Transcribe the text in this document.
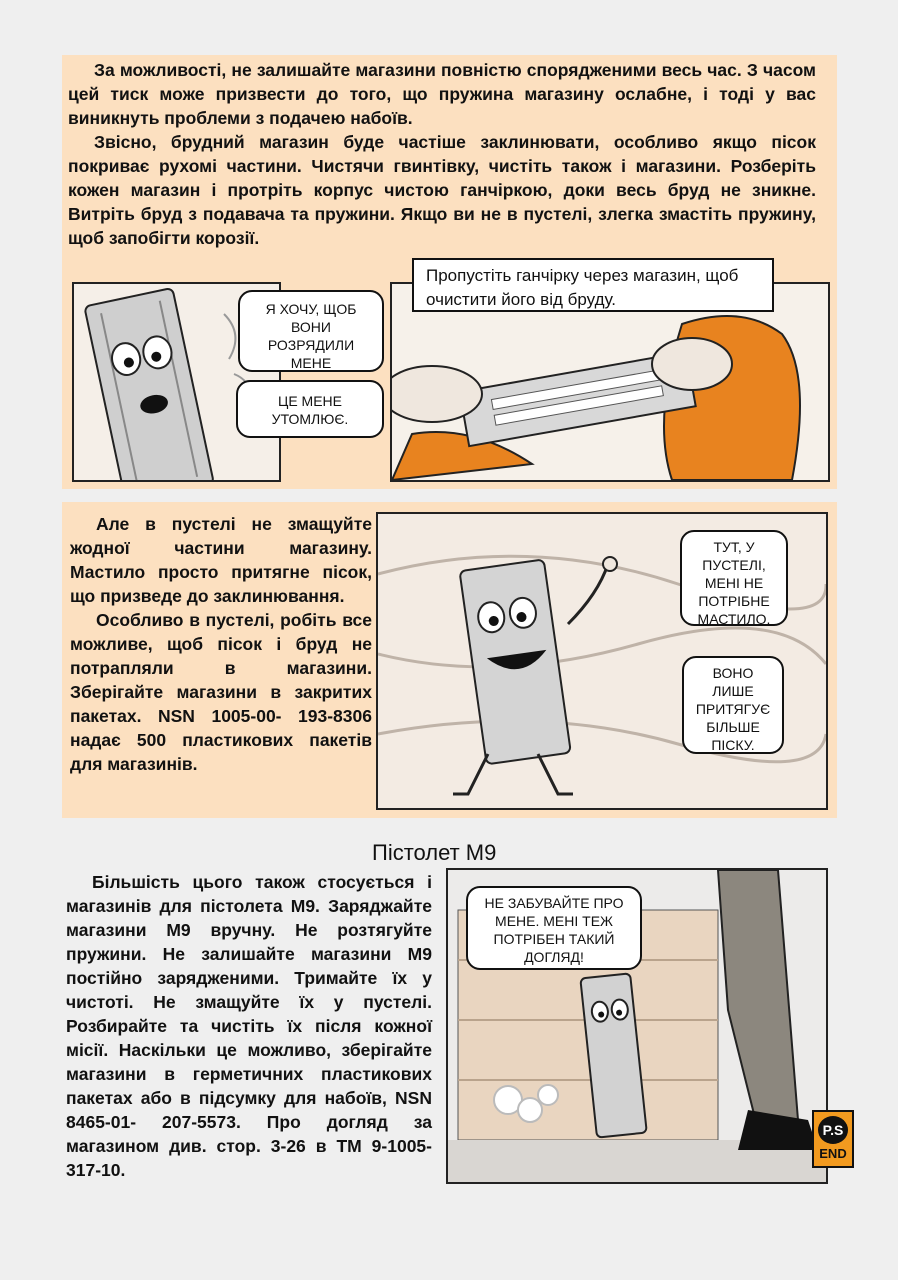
За можливості, не залишайте магазини повністю спорядженими весь час. З часом цей тиск може призвести до того, що пружина магазину ослабне, і тоді у вас виникнуть проблеми з подачею набоїв.

Звісно, брудний магазин буде частіше заклинювати, особливо якщо пісок покриває рухомі частини. Чистячи гвинтівку, чистіть також і магазини. Розберіть кожен магазин і протріть корпус чистою ганчіркою, доки весь бруд не зникне. Витріть бруд з подавача та пружини. Якщо ви не в пустелі, злегка змастіть пружину, щоб запобігти корозії.

Я ХОЧУ, ЩОБ ВОНИ РОЗРЯДИЛИ МЕНЕ
ЦЕ МЕНЕ УТОМЛЮЄ.
Пропустіть ганчірку через магазин, щоб очистити його від бруду.

Але в пустелі не змащуйте жодної частини магазину. Мастило просто притягне пісок, що призведе до заклинювання.

Особливо в пустелі, робіть все можливе, щоб пісок і бруд не потрапляли в магазини. Зберігайте магазини в закритих пакетах. NSN 1005-00- 193-8306 надає 500 пластикових пакетів для магазинів.

ТУТ, У ПУСТЕЛІ, МЕНІ НЕ ПОТРІБНЕ МАСТИЛО.
ВОНО ЛИШЕ ПРИТЯГУЄ БІЛЬШЕ ПІСКУ.
Пістолет М9

Більшість цього також стосується і магазинів для пістолета М9. Заряджайте магазини М9 вручну. Не розтягуйте пружини. Не залишайте магазини М9 постійно зарядженими. Тримайте їх у чистоті. Не змащуйте їх у пустелі. Розбирайте та чистіть їх після кожної місії. Наскільки це можливо, зберігайте магазини в герметичних пластикових пакетах або в підсумку для набоїв, NSN 8465-01- 207-5573. Про догляд за магазином див. стор. 3-26 в ТМ 9-1005-317-10.

НЕ ЗАБУВАЙТЕ ПРО МЕНЕ. МЕНІ ТЕЖ ПОТРІБЕН ТАКИЙ ДОГЛЯД!
P.S
END
